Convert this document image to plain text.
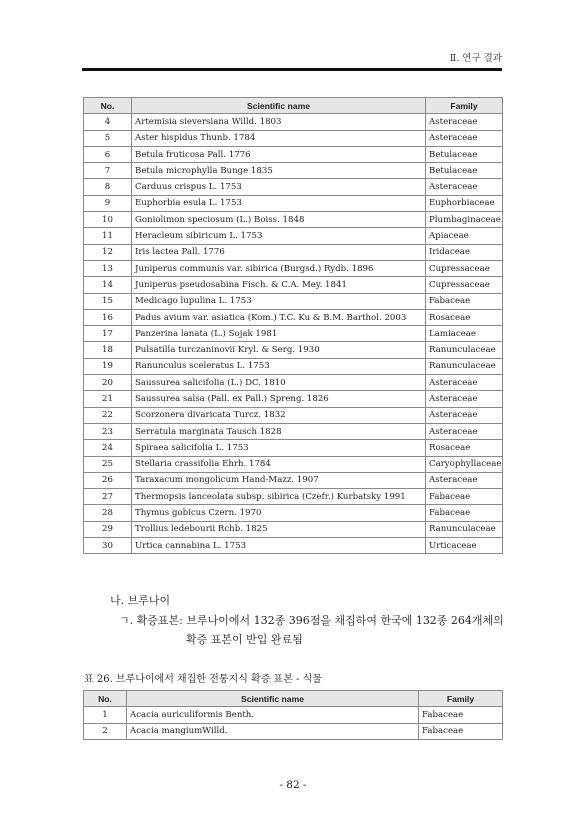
Ⅱ. 연구 결과
No.	Scientific name	Family
4	Artemisia sieversiana Willd. 1803	Asteraceae
5	Aster hispidus Thunb. 1784	Asteraceae
6	Betula fruticosa Pall. 1776	Betulaceae
7	Betula microphylla Bunge 1835	Betulaceae
8	Carduus crispus L. 1753	Asteraceae
9	Euphorbia esula L. 1753	Euphorbiaceae
10	Goniolimon speciosum (L.) Boiss. 1848	Plumbaginaceae
11	Heracleum sibiricum L. 1753	Apiaceae
12	Iris lactea Pall. 1776	Iridaceae
13	Juniperus communis var. sibirica (Burgsd.) Rydb. 1896	Cupressaceae
14	Juniperus pseudosabina Fisch. & C.A. Mey. 1841	Cupressaceae
15	Medicago lupulina L. 1753	Fabaceae
16	Padus avium var. asiatica (Kom.) T.C. Ku & B.M. Barthol. 2003	Rosaceae
17	Panzerina lanata (L.) Sojak 1981	Lamiaceae
18	Pulsatilla turczaninovii Kryl. & Serg. 1930	Ranunculaceae
19	Ranunculus sceleratus L. 1753	Ranunculaceae
20	Saussurea salicifolia (L.) DC. 1810	Asteraceae
21	Saussurea salsa (Pall. ex Pall.) Spreng. 1826	Asteraceae
22	Scorzonera divaricata Turcz. 1832	Asteraceae
23	Serratula marginata Tausch 1828	Asteraceae
24	Spiraea salicifolia L. 1753	Rosaceae
25	Stellaria crassifolia Ehrh. 1784	Caryophyllaceae
26	Taraxacum mongolicum Hand-Mazz. 1907	Asteraceae
27	Thermopsis lanceolata subsp. sibirica (Czefr.) Kurbatsky 1991	Fabaceae
28	Thymus gobicus Czern. 1970	Fabaceae
29	Trollius ledebourii Rchb. 1825	Ranunculaceae
30	Urtica cannabina L. 1753	Urticaceae
나. 브루나이
ㄱ. 확증표본: 브루나이에서 132종 396점을 채집하여 한국에 132종 264개체의
확증 표본이 반입 완료됨
표 26. 브루나이에서 채집한 전통지식 확증 표본 - 식물
No.	Scientific name	Family
1	Acacia auriculiformis Benth.	Fabaceae
2	Acacia mangiumWilld.	Fabaceae
- 82 -
